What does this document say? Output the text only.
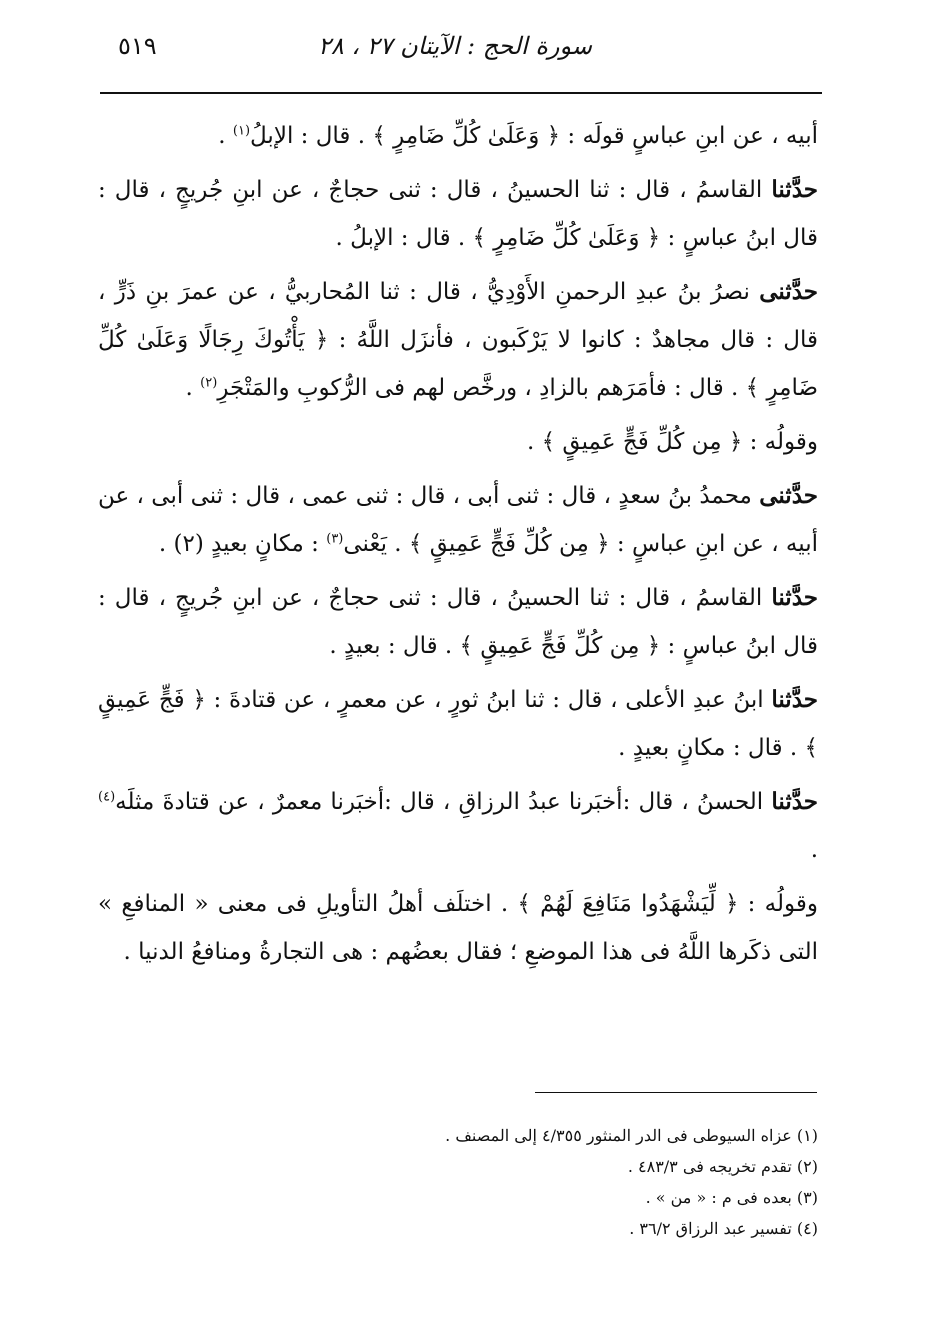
سورة الحج : الآيتان ٢٧ ، ٢٨
٥١٩

أبيه ، عن ابنِ عباسٍ قولَه : ﴿ وَعَلَىٰ كُلِّ ضَامِرٍ ﴾ . قال : الإبلُ$^{(١)}$ .

حدَّثنا القاسمُ ، قال : ثنا الحسينُ ، قال : ثنى حجاجٌ ، عن ابنِ جُريجٍ ، قال : قال ابنُ عباسٍ : ﴿ وَعَلَىٰ كُلِّ ضَامِرٍ ﴾ . قال : الإبلُ .

حدَّثنى نصرُ بنُ عبدِ الرحمنِ الأَوْدِيُّ ، قال : ثنا المُحاربيُّ ، عن عمرَ بنِ ذَرٍّ ، قال : قال مجاهدٌ : كانوا لا يَرْكَبون ، فأنزَل اللَّهُ : ﴿ يَأْتُوكَ رِجَالًا وَعَلَىٰ كُلِّ ضَامِرٍ ﴾ . قال : فأمَرَهم بالزادِ ، ورخَّص لهم فى الرُّكوبِ والمَتْجَرِ$^{(٢)}$ .

وقولُه : ﴿ مِن كُلِّ فَجٍّ عَمِيقٍ ﴾ .

حدَّثنى محمدُ بنُ سعدٍ ، قال : ثنى أبى ، قال : ثنى عمى ، قال : ثنى أبى ، عن أبيه ، عن ابنِ عباسٍ : ﴿ مِن كُلِّ فَجٍّ عَمِيقٍ ﴾ . يَعْنى$^{(٣)}$ : مكانٍ بعيدٍ (٢) .

حدَّثنا القاسمُ ، قال : ثنا الحسينُ ، قال : ثنى حجاجٌ ، عن ابنِ جُريجٍ ، قال : قال ابنُ عباسٍ : ﴿ مِن كُلِّ فَجٍّ عَمِيقٍ ﴾ . قال : بعيدٍ .

حدَّثنا ابنُ عبدِ الأعلى ، قال : ثنا ابنُ ثورٍ ، عن معمرٍ ، عن قتادةَ : ﴿ فَجٍّ عَمِيقٍ ﴾ . قال : مكانٍ بعيدٍ .

حدَّثنا الحسنُ ، قال :أخبَرنا عبدُ الرزاقِ ، قال :أخبَرنا معمرٌ ، عن قتادةَ مثلَه$^{(٤)}$ .

وقولُه : ﴿ لِّيَشْهَدُوا مَنَافِعَ لَهُمْ ﴾ . اختلَف أهلُ التأويلِ فى معنى « المنافعِ » التى ذكَرها اللَّهُ فى هذا الموضعِ ؛ فقال بعضُهم : هى التجارةُ ومنافعُ الدنيا .

(١) عزاه السيوطى فى الدر المنثور ٤/٣٥٥ إلى المصنف .

(٢) تقدم تخريجه فى ٤٨٣/٣ .

(٣) بعده فى م : « من » .

(٤) تفسير عبد الرزاق ٣٦/٢ .
